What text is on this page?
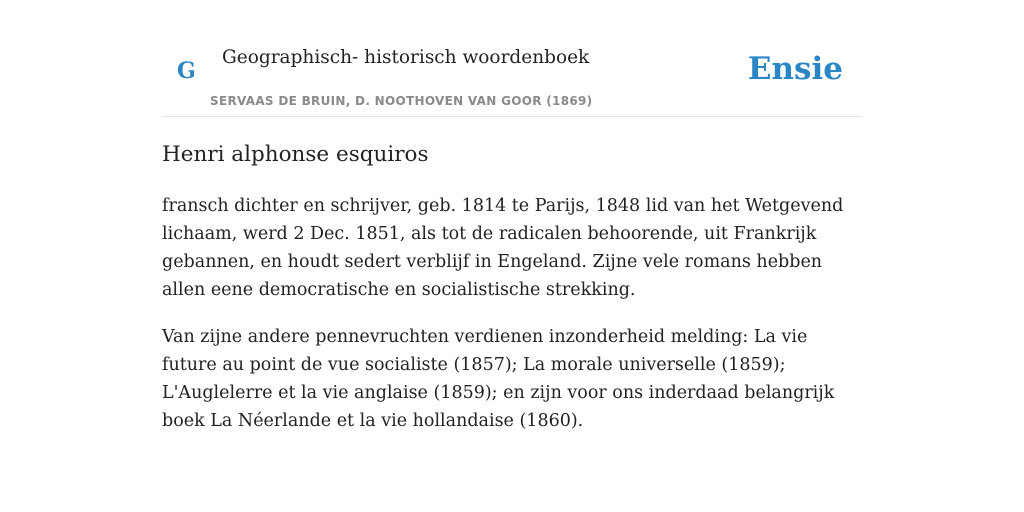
G
Geographisch- historisch woordenboek
SERVAAS DE BRUIN, D. NOOTHOVEN VAN GOOR (1869)
Ensie
Henri alphonse esquiros

fransch dichter en schrijver, geb. 1814 te Parijs, 1848 lid van het Wetgevend lichaam, werd 2 Dec. 1851, als tot de radicalen behoorende, uit Frankrijk gebannen, en houdt sedert verblijf in Engeland. Zijne vele romans hebben allen eene democratische en socialistische strekking.

Van zijne andere pennevruchten verdienen inzonderheid melding: La vie future au point de vue socialiste (1857); La morale universelle (1859); L'Auglelerre et la vie anglaise (1859); en zijn voor ons inderdaad belangrijk boek La Néerlande et la vie hollandaise (1860).
